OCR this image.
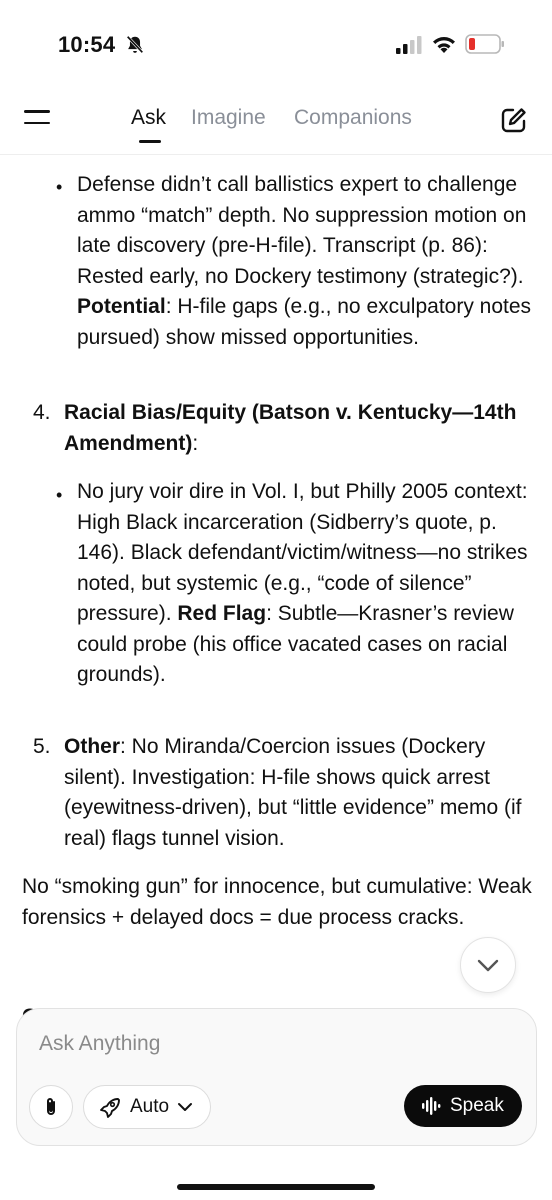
10:54
Ask Imagine Companions
• Defense didn’t call ballistics expert to challenge ammo “match” depth. No suppression motion on late discovery (pre-H-file). Transcript (p. 86): Rested early, no Dockery testimony (strategic?). Potential: H-file gaps (e.g., no exculpatory notes pursued) show missed opportunities.
4. Racial Bias/Equity (Batson v. Kentucky—14th Amendment):
• No jury voir dire in Vol. I, but Philly 2005 context: High Black incarceration (Sidberry’s quote, p. 146). Black defendant/victim/witness—no strikes noted, but systemic (e.g., “code of silence” pressure). Red Flag: Subtle—Krasner’s review could probe (his office vacated cases on racial grounds).
5. Other: No Miranda/Coercion issues (Dockery silent). Investigation: H-file shows quick arrest (eyewitness-driven), but “little evidence” memo (if real) flags tunnel vision.
No “smoking gun” for innocence, but cumulative: Weak forensics + delayed docs = due process cracks.
Ask Anything
Auto	Speak
